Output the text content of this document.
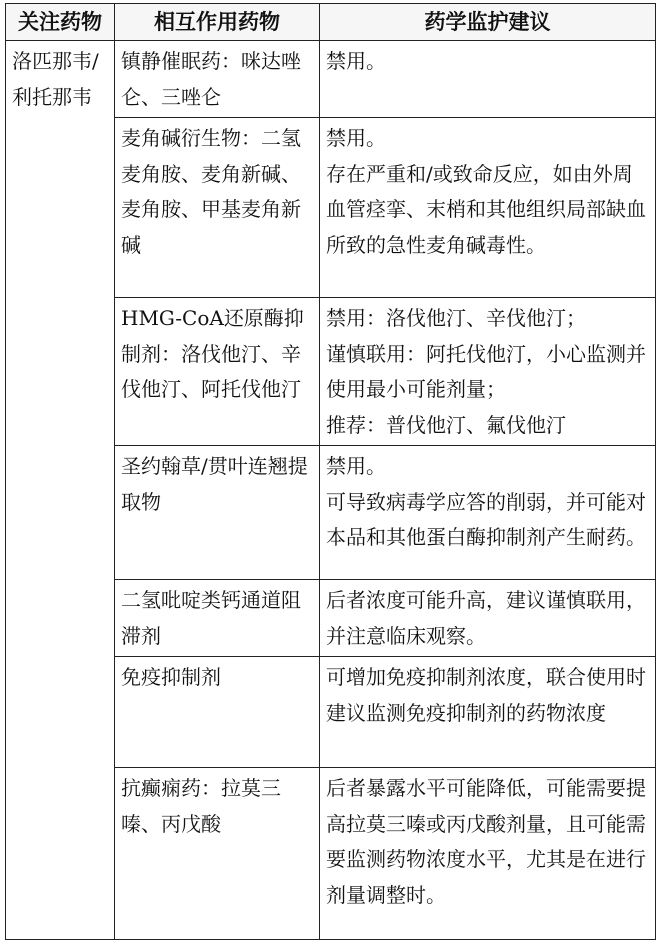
关注药物	相互作用药物	药学监护建议
洛匹那韦/利托那韦	镇静催眠药：咪达唑仑、三唑仑	禁用。
	麦角碱衍生物：二氢麦角胺、麦角新碱、麦角胺、甲基麦角新碱	禁用。
存在严重和/或致命反应，如由外周血管痉挛、末梢和其他组织局部缺血所致的急性麦角碱毒性。
	HMG-CoA还原酶抑制剂：洛伐他汀、辛伐他汀、阿托伐他汀	禁用：洛伐他汀、辛伐他汀；
谨慎联用：阿托伐他汀，小心监测并使用最小可能剂量；
推荐：普伐他汀、氟伐他汀
	圣约翰草/贯叶连翘提取物	禁用。
可导致病毒学应答的削弱，并可能对本品和其他蛋白酶抑制剂产生耐药。
	二氢吡啶类钙通道阻滞剂	后者浓度可能升高，建议谨慎联用，并注意临床观察。
	免疫抑制剂	可增加免疫抑制剂浓度，联合使用时建议监测免疫抑制剂的药物浓度
	抗癫痫药：拉莫三嗪、丙戊酸	后者暴露水平可能降低，可能需要提高拉莫三嗪或丙戊酸剂量，且可能需要监测药物浓度水平，尤其是在进行剂量调整时。
